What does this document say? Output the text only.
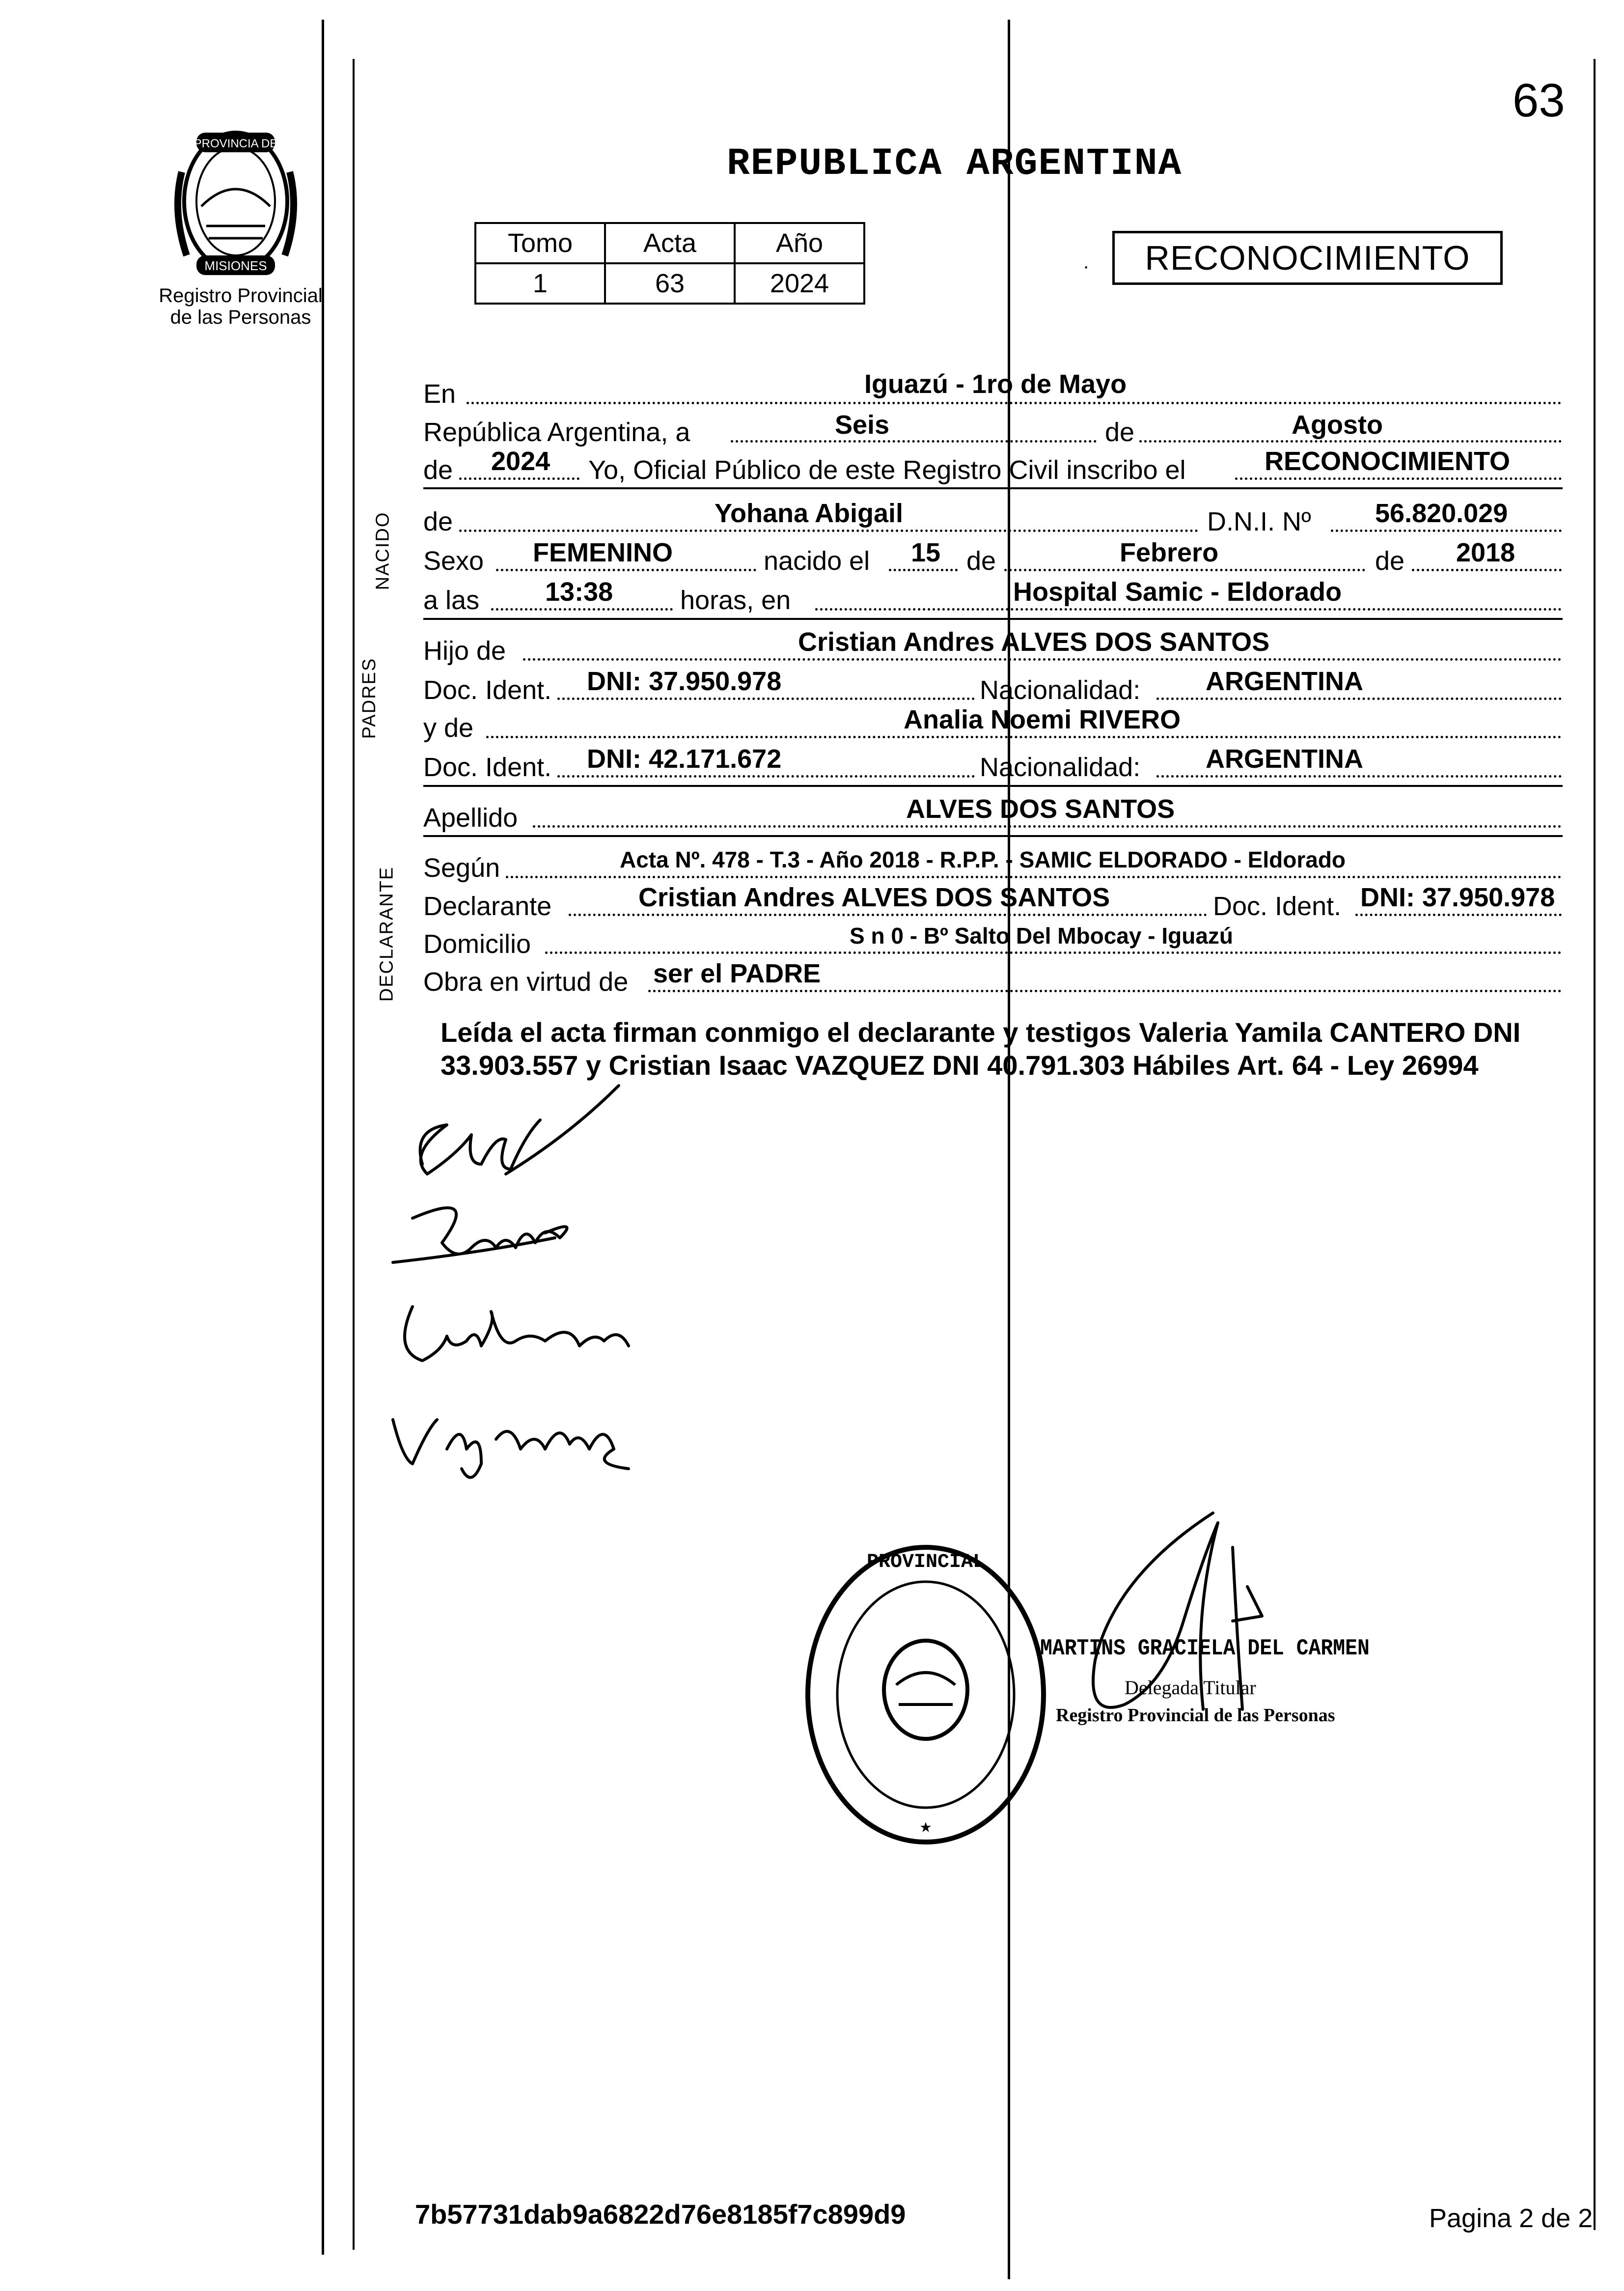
63
PROVINCIA DE
MISIONES
Registro Provincial
de las Personas
REPUBLICA ARGENTINA
Tomo	Acta	Año
1	63	2024
·	RECONOCIMIENTO
NACIDO
PADRES
DECLARANTE
En	Iguazú - 1ro de Mayo
República Argentina, a	Seis	de	Agosto
de 2024 Yo, Oficial Público de este Registro Civil inscribo el	RECONOCIMIENTO
de	Yohana Abigail	D.N.I. Nº 56.820.029
Sexo FEMENINO	nacido el 15 de	Febrero	de 2018
a las 13:38	horas, en	Hospital Samic - Eldorado
Hijo de	Cristian Andres ALVES DOS SANTOS
Doc. Ident. DNI: 37.950.978	Nacionalidad: ARGENTINA
y de	Analia Noemi RIVERO
Doc. Ident. DNI: 42.171.672	Nacionalidad: ARGENTINA
Apellido	ALVES DOS SANTOS
Según	Acta Nº. 478 - T.3 - Año 2018 - R.P.P. - SAMIC ELDORADO - Eldorado
Declarante	Cristian Andres ALVES DOS SANTOS	Doc. Ident. DNI: 37.950.978
Domicilio	S n 0 - Bº Salto Del Mbocay - Iguazú
Obra en virtud de ser el PADRE
Leída el acta firman conmigo el declarante y testigos Valeria Yamila CANTERO DNI 33.903.557 y Cristian Isaac VAZQUEZ DNI 40.791.303 Hábiles Art. 64 - Ley 26994
PROVINCIAL
★
MARTINS GRACIELA DEL CARMEN
Delegada Titular
Registro Provincial de las Personas
7b57731dab9a6822d76e8185f7c899d9	Pagina 2 de 2
